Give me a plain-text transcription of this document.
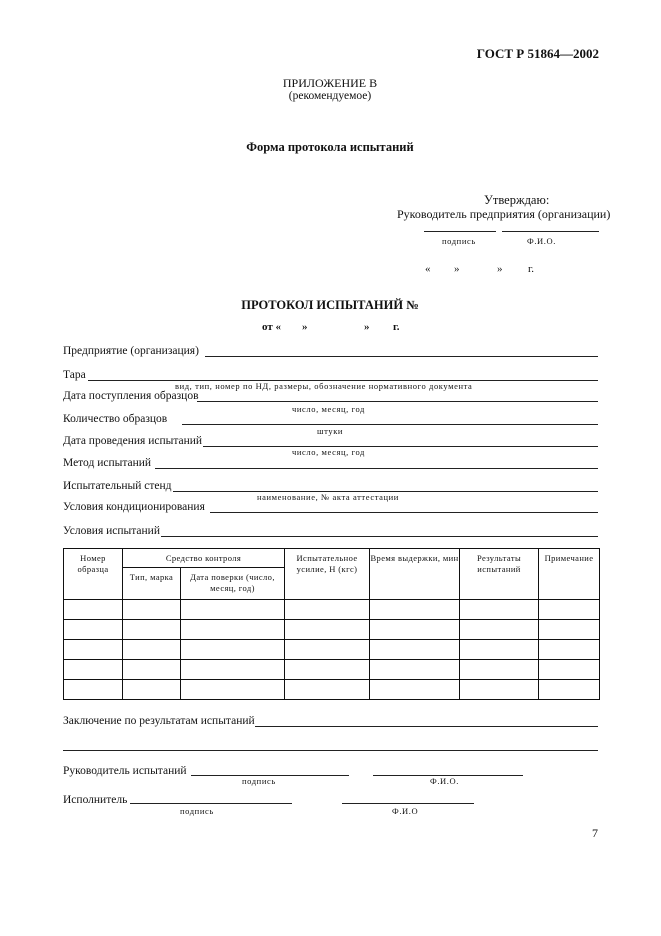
ГОСТ Р 51864—2002
ПРИЛОЖЕНИЕ В
(рекомендуемое)
Форма протокола испытаний
Утверждаю:
Руководитель предприятия (организации)
подпись	Ф.И.О.
« »	» г.
ПРОТОКОЛ ИСПЫТАНИЙ №
от « »	» г.
Предприятие (организация)
Тара
вид, тип, номер по НД, размеры, обозначение нормативного документа
Дата поступления образцов
число, месяц, год
Количество образцов
штуки
Дата проведения испытаний
число, месяц, год
Метод испытаний
Испытательный стенд
наименование, № акта аттестации
Условия кондиционирования
Условия испытаний
Номер образца	Средство контроля		Испытательное усилие, Н (кгс)	Время выдержки, мин	Результаты испытаний	Примечание
	Тип, марка	Дата поверки (число, месяц, год)				

Заключение по результатам испытаний
Руководитель испытаний
подпись	Ф.И.О.
Исполнитель
подпись	Ф.И.О
7
